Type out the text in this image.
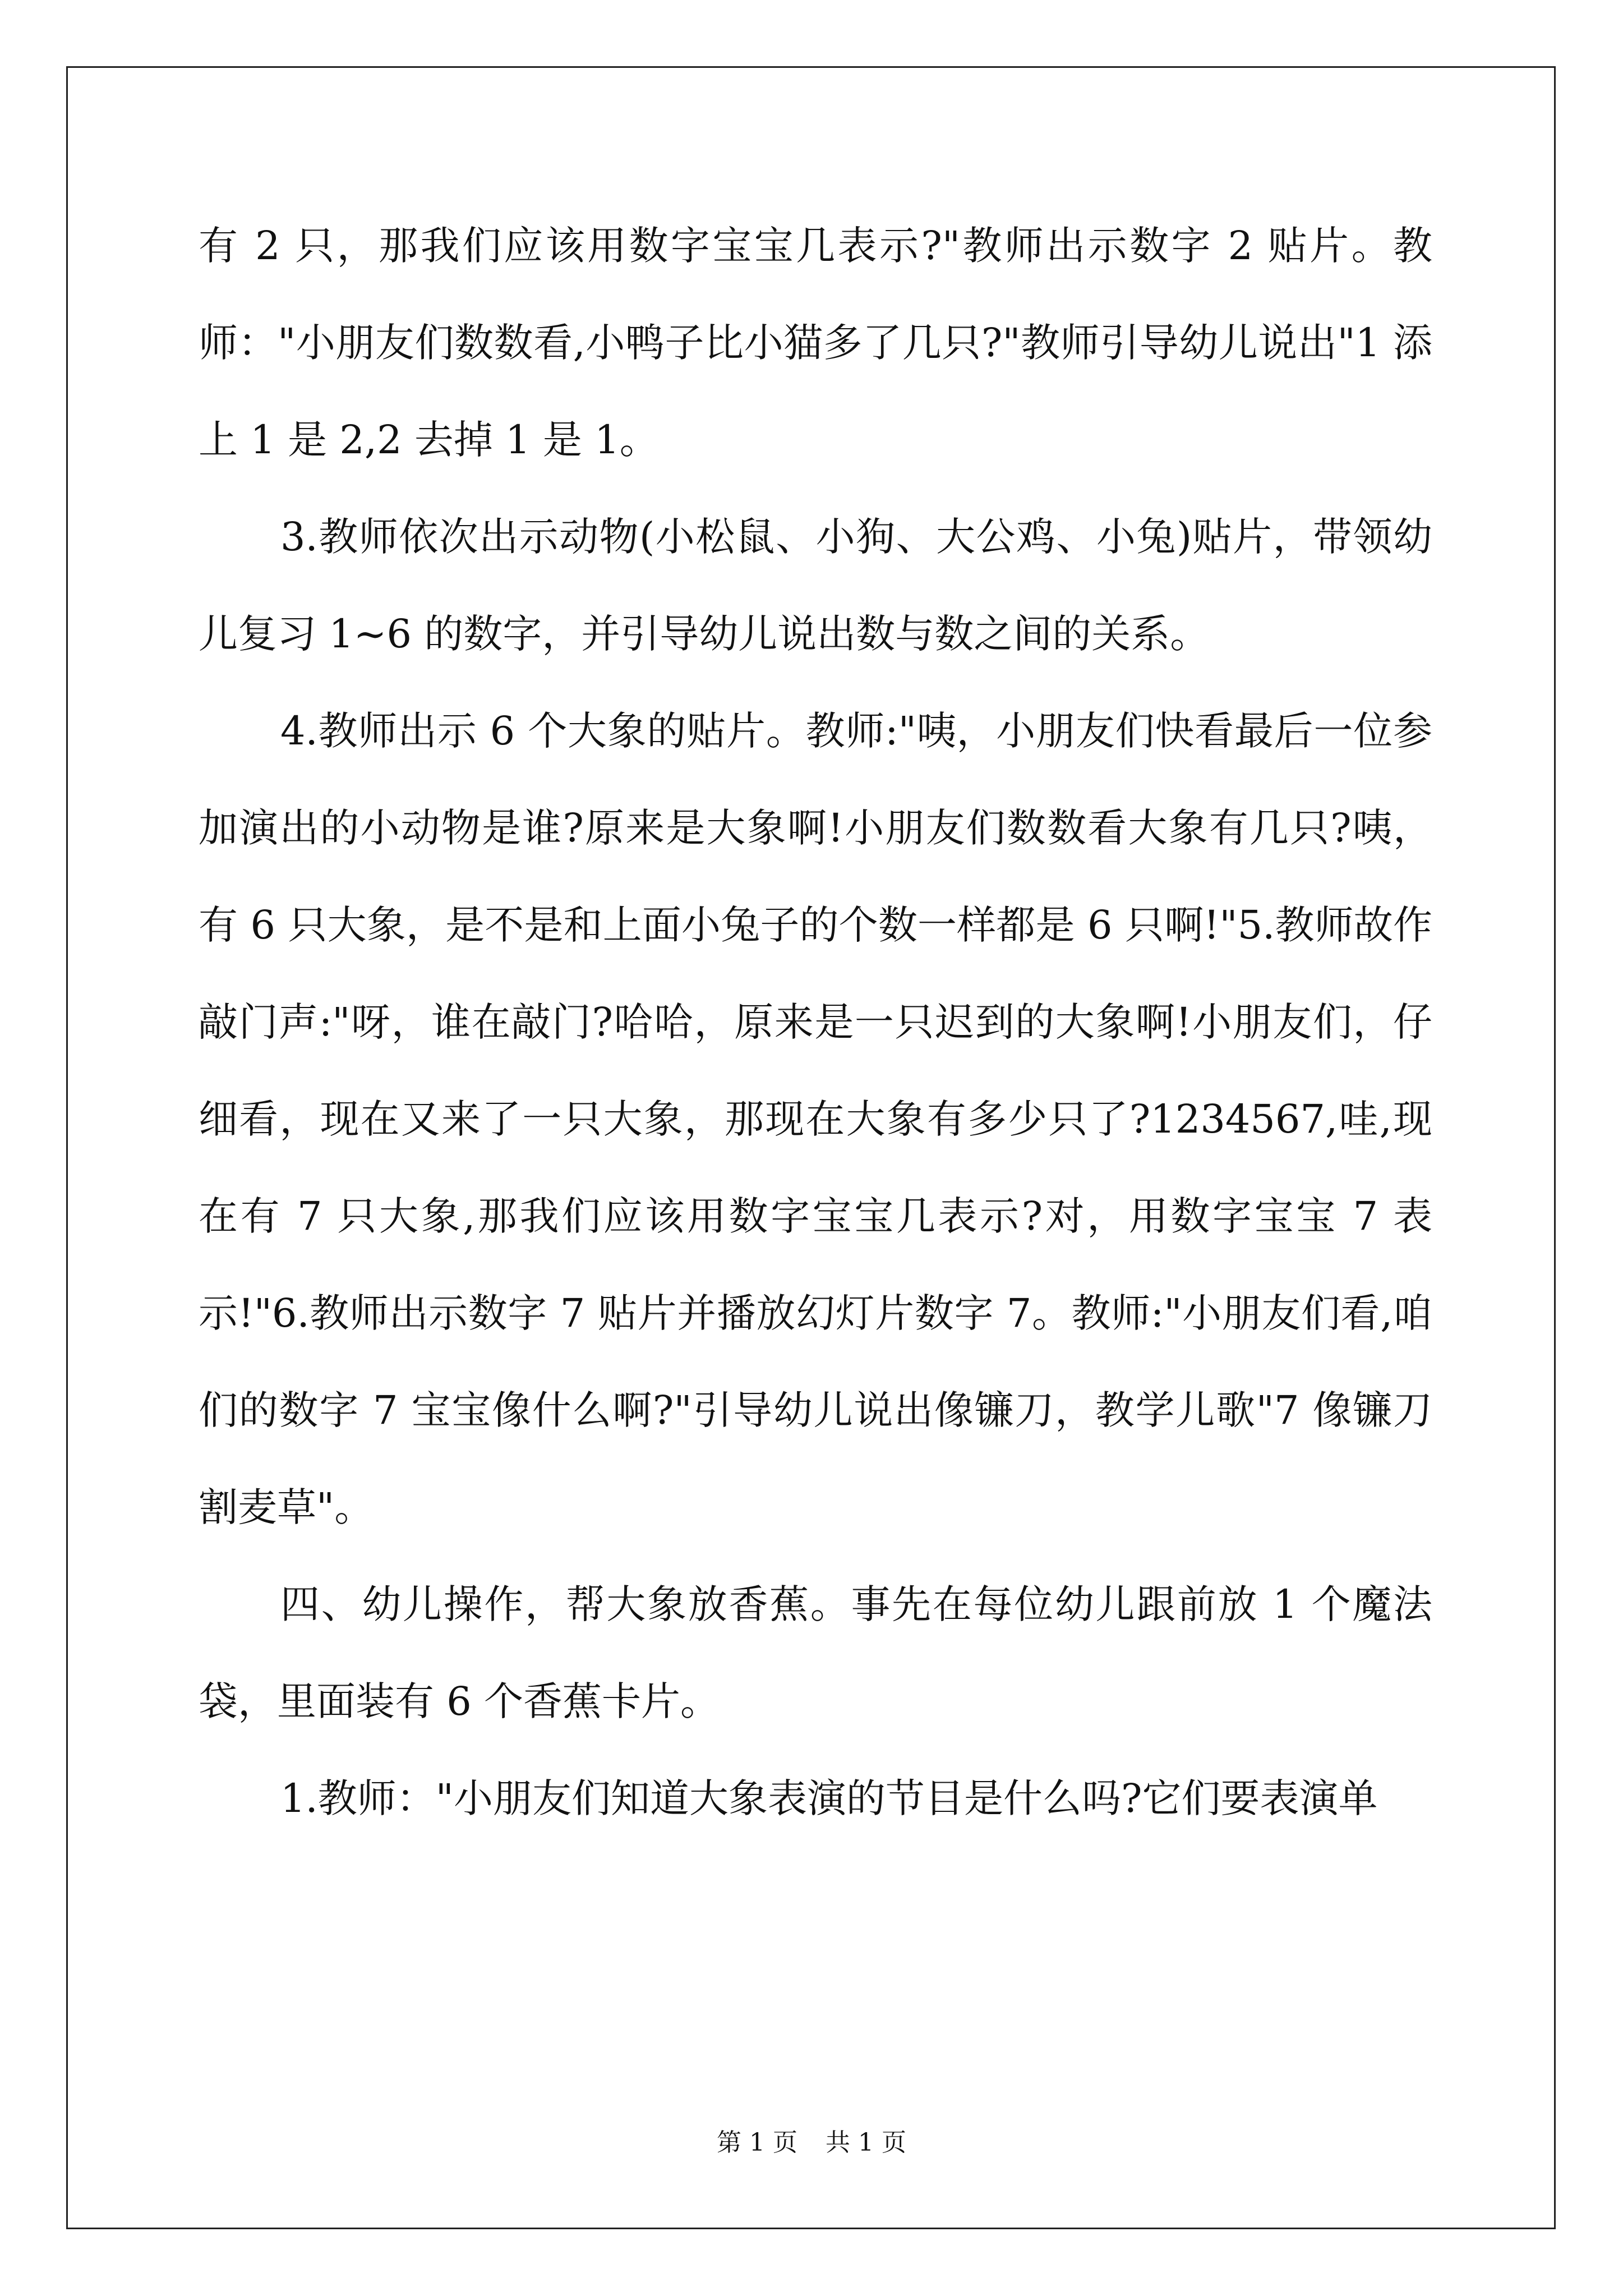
有 2 只，那我们应该用数字宝宝几表示?"教师出示数字 2 贴片。教师："小朋友们数数看,小鸭子比小猫多了几只?"教师引导幼儿说出"1 添上 1 是 2,2 去掉 1 是 1。

3.教师依次出示动物(小松鼠、小狗、大公鸡、小兔)贴片，带领幼儿复习 1~6 的数字，并引导幼儿说出数与数之间的关系。

4.教师出示 6 个大象的贴片。教师:"咦，小朋友们快看最后一位参加演出的小动物是谁?原来是大象啊!小朋友们数数看大象有几只?咦，有 6 只大象，是不是和上面小兔子的个数一样都是 6 只啊!"5.教师故作敲门声:"呀，谁在敲门?哈哈，原来是一只迟到的大象啊!小朋友们，仔细看，现在又来了一只大象，那现在大象有多少只了?1234567,哇,现在有 7 只大象,那我们应该用数字宝宝几表示?对，用数字宝宝 7 表示!"6.教师出示数字 7 贴片并播放幻灯片数字 7。教师:"小朋友们看,咱们的数字 7 宝宝像什么啊?"引导幼儿说出像镰刀，教学儿歌"7 像镰刀割麦草"。

四、幼儿操作，帮大象放香蕉。事先在每位幼儿跟前放 1 个魔法袋，里面装有 6 个香蕉卡片。

1.教师："小朋友们知道大象表演的节目是什么吗?它们要表演单

第 1 页 共 1 页
